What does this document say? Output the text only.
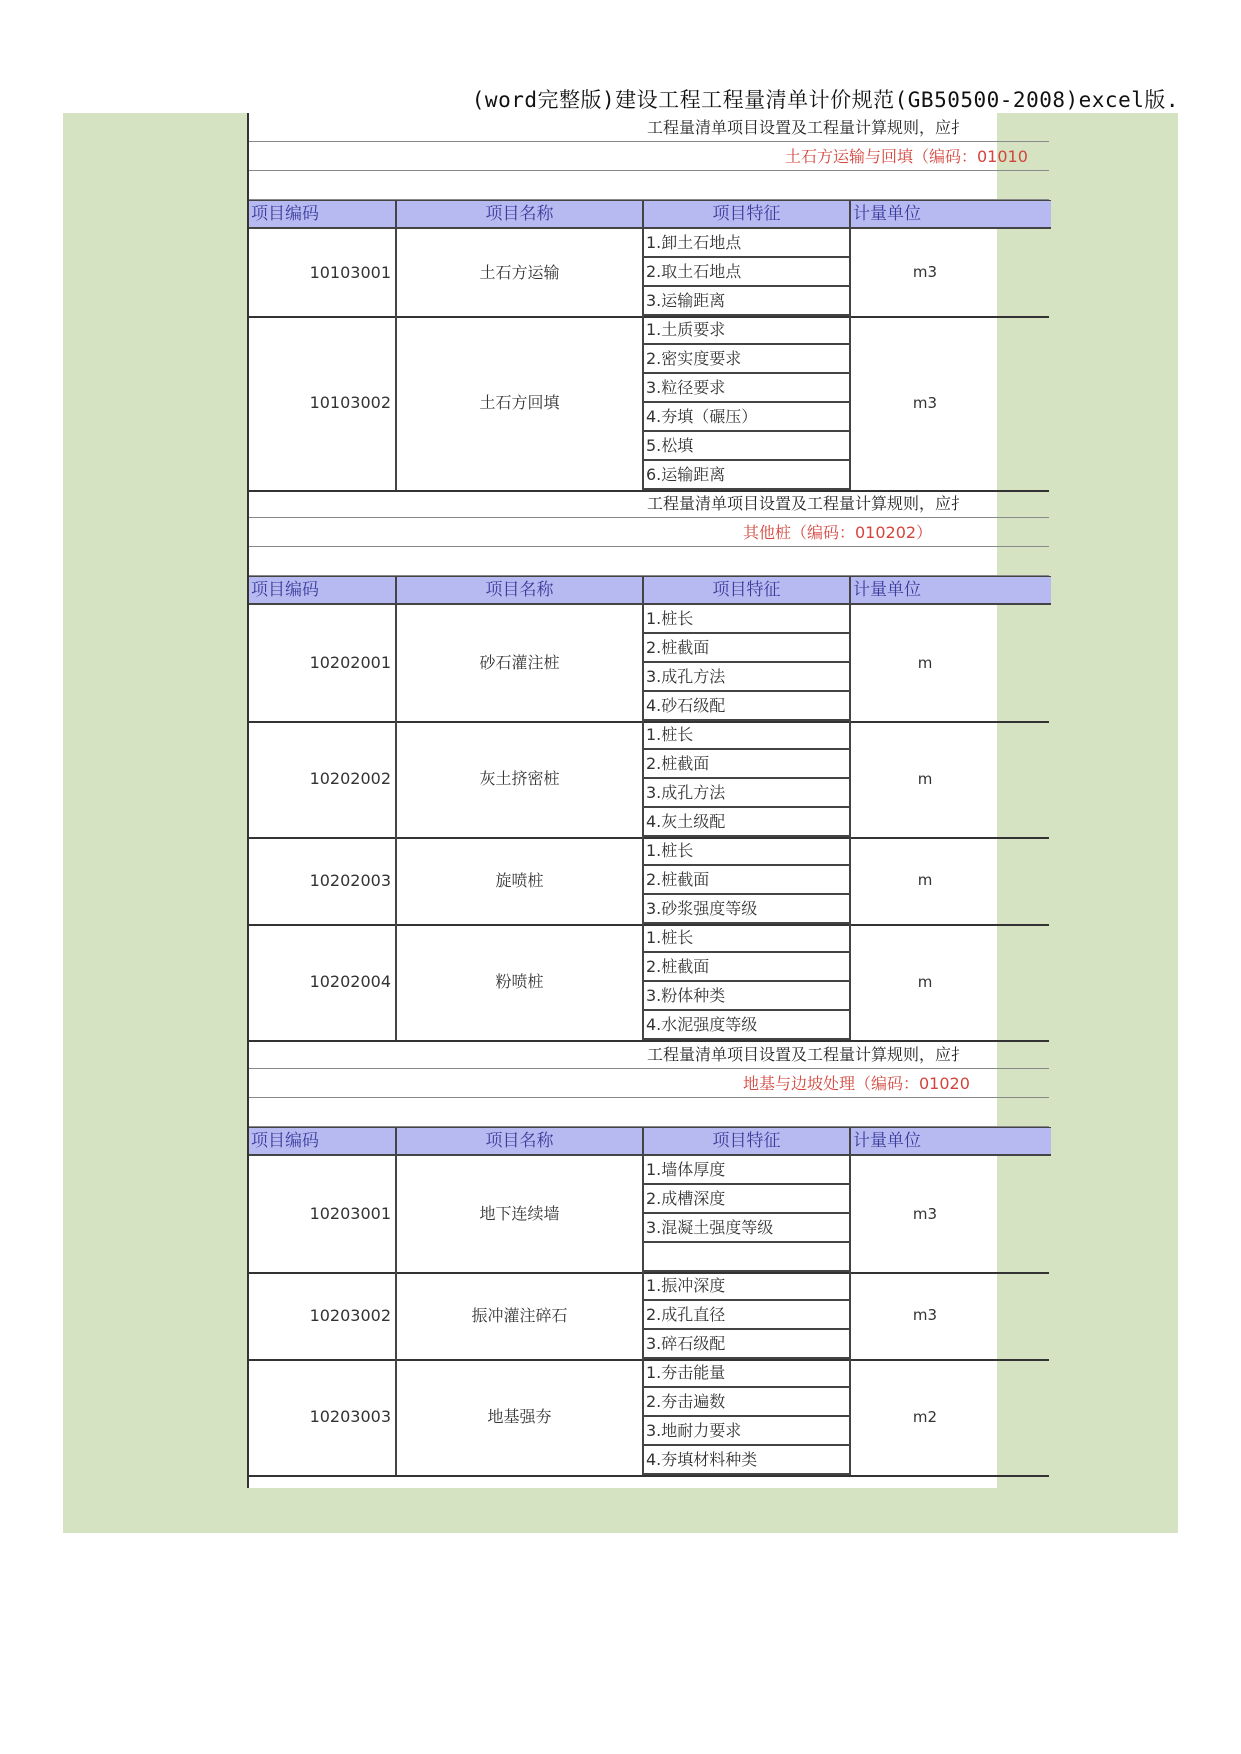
(word完整版)建设工程工程量清单计价规范(GB50500-2008)excel版.
工程量清单项目设置及工程量计算规则，应扌
土石方运输与回填（编码：01010
项目编码	项目名称	项目特征	计量单位
10103001	土石方运输
1.卸土石地点
2.取土石地点
3.运输距离
m3
10103002	土石方回填
1.土质要求
2.密实度要求
3.粒径要求
4.夯填（碾压）
5.松填
6.运输距离
m3
工程量清单项目设置及工程量计算规则，应扌
其他桩（编码：010202）
项目编码	项目名称	项目特征	计量单位
10202001	砂石灌注桩
1.桩长
2.桩截面
3.成孔方法
4.砂石级配
m
10202002	灰土挤密桩
1.桩长
2.桩截面
3.成孔方法
4.灰土级配
m
10202003	旋喷桩
1.桩长
2.桩截面
3.砂浆强度等级
m
10202004	粉喷桩
1.桩长
2.桩截面
3.粉体种类
4.水泥强度等级
m
工程量清单项目设置及工程量计算规则，应扌
地基与边坡处理（编码：01020
项目编码	项目名称	项目特征	计量单位
10203001	地下连续墙
1.墙体厚度
2.成槽深度
3.混凝土强度等级
m3
10203002	振冲灌注碎石
1.振冲深度
2.成孔直径
3.碎石级配
m3
10203003	地基强夯
1.夯击能量
2.夯击遍数
3.地耐力要求
4.夯填材料种类
m2
